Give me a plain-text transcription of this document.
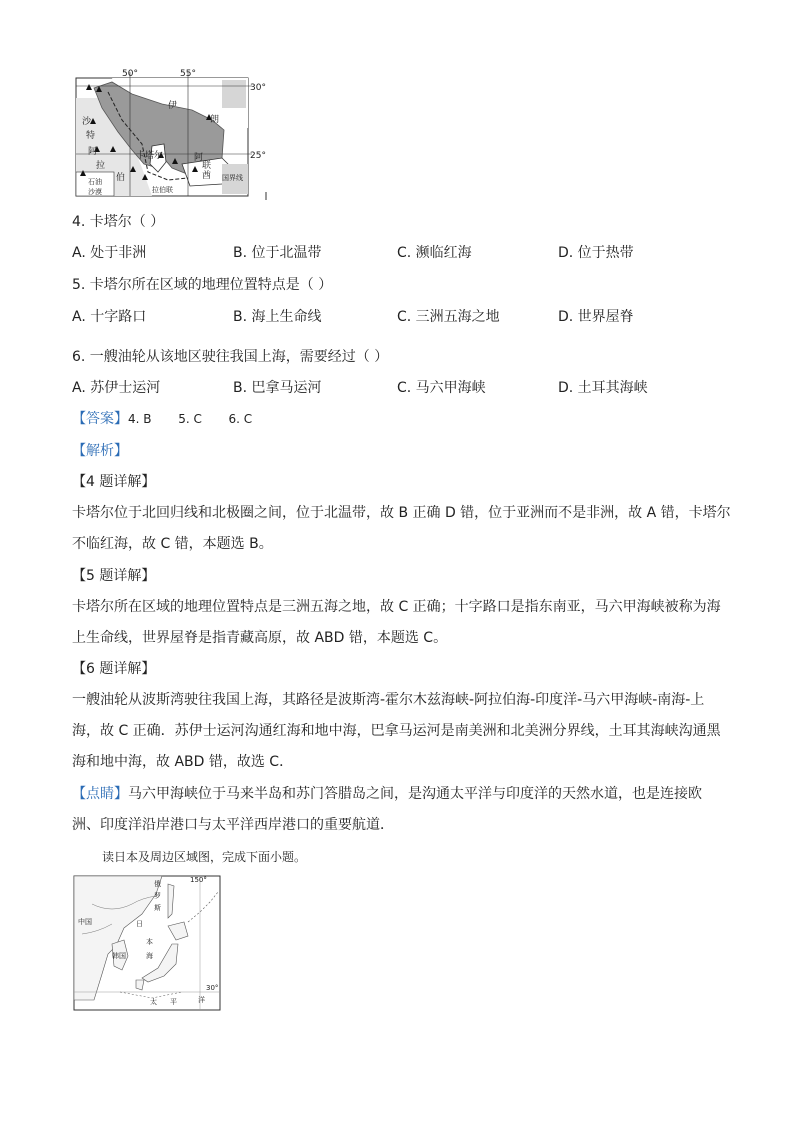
50°	55°
30°
25°
伊
朗
沙
特
阿
拉
伯
卡塔尔	阿
联
酋
石油
沙漠	拉伯联
国界线
4. 卡塔尔（ ）
A. 处于非洲	B. 位于北温带	C. 濒临红海	D. 位于热带
5. 卡塔尔所在区域的地理位置特点是（ ）
A. 十字路口	B. 海上生命线	C. 三洲五海之地	D. 世界屋脊
6. 一艘油轮从该地区驶往我国上海，需要经过（ ）
A. 苏伊士运河	B. 巴拿马运河	C. 马六甲海峡	D. 土耳其海峡
【答案】4. B       5. C       6. C
【解析】
【4 题详解】
卡塔尔位于北回归线和北极圈之间，位于北温带，故 B 正确 D 错，位于亚洲而不是非洲，故 A 错，卡塔尔
不临红海，故 C 错，本题选 B。
【5 题详解】
卡塔尔所在区域的地理位置特点是三洲五海之地，故 C 正确；十字路口是指东南亚，马六甲海峡被称为海
上生命线，世界屋脊是指青藏高原，故 ABD 错，本题选 C。
【6 题详解】
一艘油轮从波斯湾驶往我国上海，其路径是波斯湾-霍尔木兹海峡-阿拉伯海-印度洋-马六甲海峡-南海-上
海，故 C 正确．苏伊士运河沟通红海和地中海，巴拿马运河是南美洲和北美洲分界线，土耳其海峡沟通黑
海和地中海，故 ABD 错，故选 C．
【点睛】马六甲海峡位于马来半岛和苏门答腊岛之间，是沟通太平洋与印度洋的天然水道，也是连接欧
洲、印度洋沿岸港口与太平洋西岸港口的重要航道．
读日本及周边区域图，完成下面小题。
150°
30°
中国
俄
罗
斯
日
本
海
韩国
太 平	洋
